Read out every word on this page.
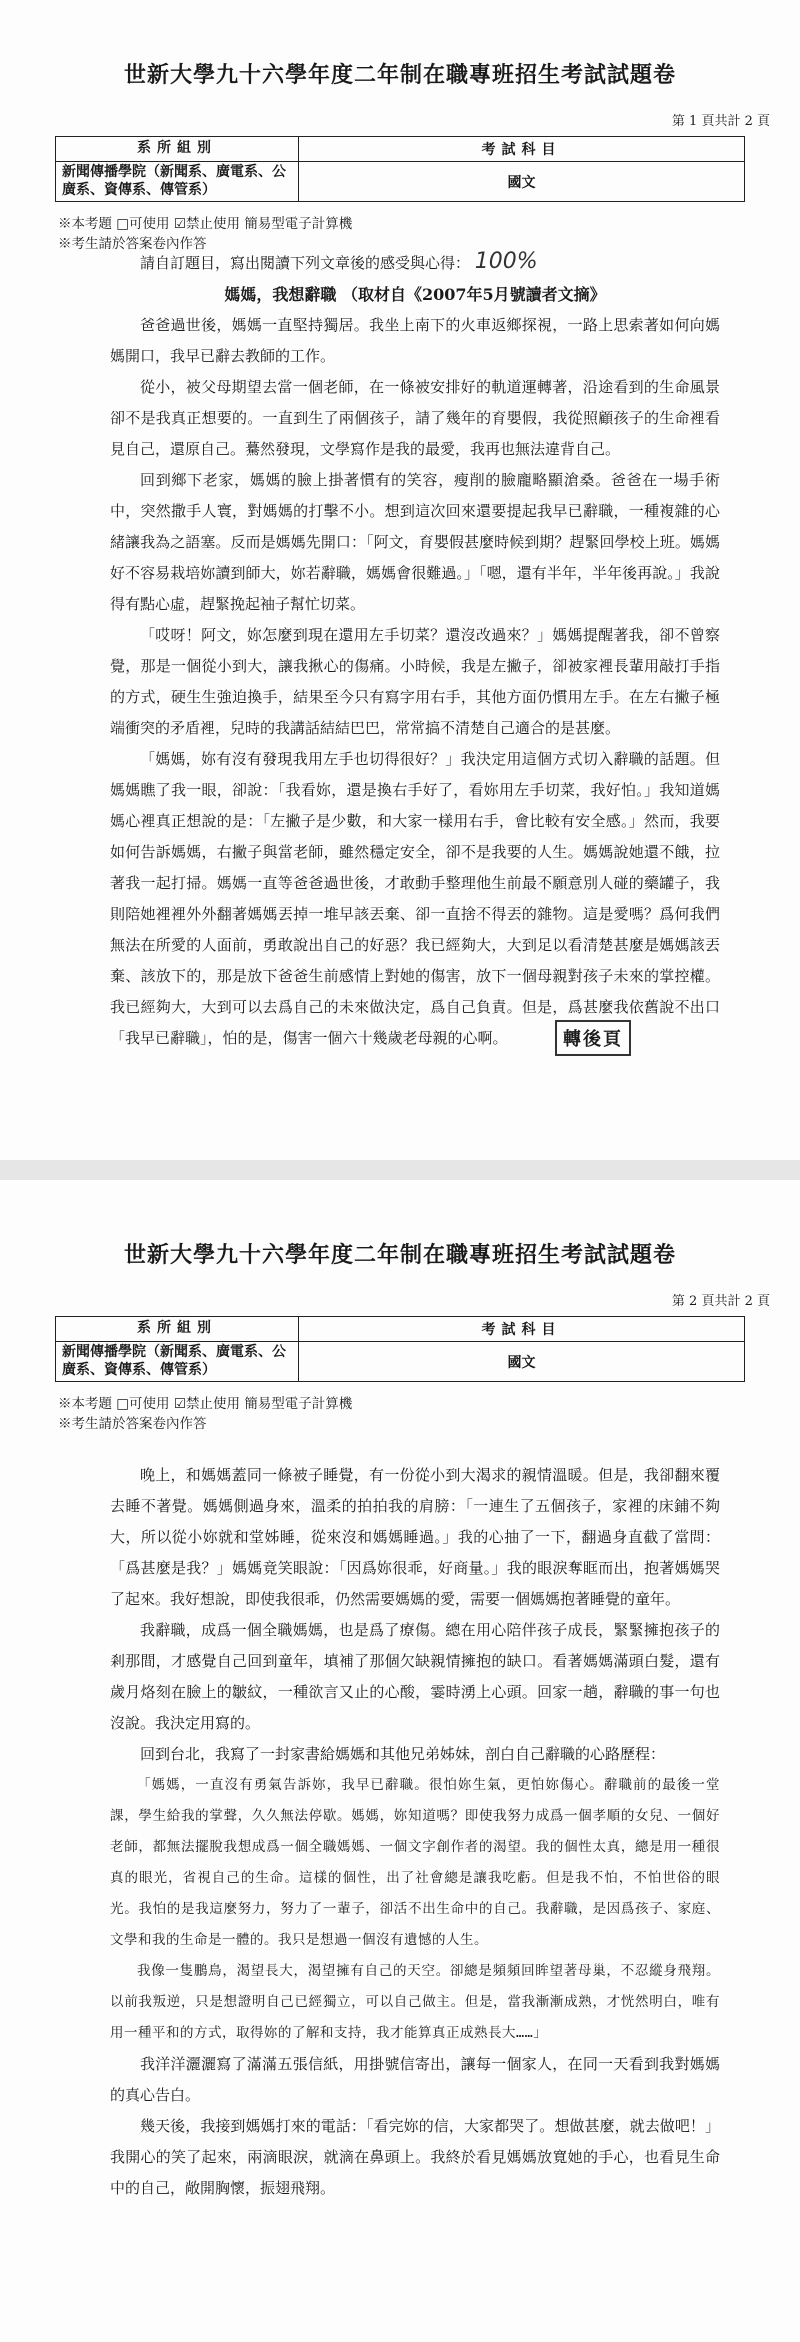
世新大學九十六學年度二年制在職專班招生考試試題卷
第 1 頁共計 2 頁
系所組別	考試科目
新聞傳播學院（新聞系、廣電系、公廣系、資傳系、傳管系）	國文
※本考題 □可使用 ☑禁止使用 簡易型電子計算機
※考生請於答案卷內作答

請自訂題目，寫出閱讀下列文章後的感受與心得： 100%

媽媽，我想辭職 （取材自《2007年5月號讀者文摘》

爸爸過世後，媽媽一直堅持獨居。我坐上南下的火車返鄉探視，一路上思索著如何向媽媽開口，我早已辭去教師的工作。

從小，被父母期望去當一個老師，在一條被安排好的軌道運轉著，沿途看到的生命風景卻不是我真正想要的。一直到生了兩個孩子，請了幾年的育嬰假，我從照顧孩子的生命裡看見自己，還原自己。驀然發現，文學寫作是我的最愛，我再也無法違背自己。

回到鄉下老家，媽媽的臉上掛著慣有的笑容，瘦削的臉龐略顯滄桑。爸爸在一場手術中，突然撒手人寰，對媽媽的打擊不小。想到這次回來還要提起我早已辭職，一種複雜的心緒讓我為之語塞。反而是媽媽先開口：「阿文，育嬰假甚麼時候到期？趕緊回學校上班。媽媽好不容易栽培妳讀到師大，妳若辭職，媽媽會很難過。」「嗯，還有半年，半年後再說。」我說得有點心虛，趕緊挽起袖子幫忙切菜。

「哎呀！阿文，妳怎麼到現在還用左手切菜？還沒改過來？」媽媽提醒著我，卻不曾察覺，那是一個從小到大，讓我揪心的傷痛。小時候，我是左撇子，卻被家裡長輩用敲打手指的方式，硬生生強迫換手，結果至今只有寫字用右手，其他方面仍慣用左手。在左右撇子極端衝突的矛盾裡，兒時的我講話結結巴巴，常常搞不清楚自己適合的是甚麼。

「媽媽，妳有沒有發現我用左手也切得很好？」我決定用這個方式切入辭職的話題。但媽媽瞧了我一眼，卻說：「我看妳，還是換右手好了，看妳用左手切菜，我好怕。」我知道媽媽心裡真正想說的是：「左撇子是少數，和大家一樣用右手，會比較有安全感。」然而，我要如何告訴媽媽，右撇子與當老師，雖然穩定安全，卻不是我要的人生。媽媽說她還不餓，拉著我一起打掃。媽媽一直等爸爸過世後，才敢動手整理他生前最不願意別人碰的藥罐子，我則陪她裡裡外外翻著媽媽丟掉一堆早該丟棄、卻一直捨不得丟的雜物。這是愛嗎？爲何我們無法在所愛的人面前，勇敢說出自己的好惡？我已經夠大，大到足以看清楚甚麼是媽媽該丟棄、該放下的，那是放下爸爸生前感情上對她的傷害，放下一個母親對孩子未來的掌控權。我已經夠大，大到可以去爲自己的未來做決定，爲自己負責。但是，爲甚麼我依舊說不出口「我早已辭職」，怕的是，傷害一個六十幾歲老母親的心啊。	轉後頁
世新大學九十六學年度二年制在職專班招生考試試題卷
第 2 頁共計 2 頁
系所組別	考試科目
新聞傳播學院（新聞系、廣電系、公廣系、資傳系、傳管系）	國文
※本考題 □可使用 ☑禁止使用 簡易型電子計算機
※考生請於答案卷內作答

晚上，和媽媽蓋同一條被子睡覺，有一份從小到大渴求的親情溫暖。但是，我卻翻來覆去睡不著覺。媽媽側過身來，溫柔的拍拍我的肩膀：「一連生了五個孩子，家裡的床鋪不夠大，所以從小妳就和堂姊睡，從來沒和媽媽睡過。」我的心抽了一下，翻過身直截了當問：「爲甚麼是我？」媽媽竟笑眼說：「因爲妳很乖，好商量。」我的眼淚奪眶而出，抱著媽媽哭了起來。我好想說，即使我很乖，仍然需要媽媽的愛，需要一個媽媽抱著睡覺的童年。

我辭職，成爲一個全職媽媽，也是爲了療傷。總在用心陪伴孩子成長，緊緊擁抱孩子的剎那間，才感覺自己回到童年，填補了那個欠缺親情擁抱的缺口。看著媽媽滿頭白髮，還有歲月烙刻在臉上的皺紋，一種欲言又止的心酸，霎時湧上心頭。回家一趟，辭職的事一句也沒說。我決定用寫的。

回到台北，我寫了一封家書給媽媽和其他兄弟姊妹，剖白自己辭職的心路歷程：

「媽媽，一直沒有勇氣告訴妳，我早已辭職。很怕妳生氣，更怕妳傷心。辭職前的最後一堂課，學生給我的掌聲，久久無法停歇。媽媽，妳知道嗎？即使我努力成爲一個孝順的女兒、一個好老師，都無法擺脫我想成爲一個全職媽媽、一個文字創作者的渴望。我的個性太真，總是用一種很真的眼光，省視自己的生命。這樣的個性，出了社會總是讓我吃虧。但是我不怕，不怕世俗的眼光。我怕的是我這麼努力，努力了一輩子，卻活不出生命中的自己。我辭職，是因爲孩子、家庭、文學和我的生命是一體的。我只是想過一個沒有遺憾的人生。

我像一隻鵬鳥，渴望長大，渴望擁有自己的天空。卻總是頻頻回眸望著母巢，不忍縱身飛翔。以前我叛逆，只是想證明自己已經獨立，可以自己做主。但是，當我漸漸成熟，才恍然明白，唯有用一種平和的方式，取得妳的了解和支持，我才能算真正成熟長大……」

我洋洋灑灑寫了滿滿五張信紙，用掛號信寄出，讓每一個家人，在同一天看到我對媽媽的真心告白。

幾天後，我接到媽媽打來的電話：「看完妳的信，大家都哭了。想做甚麼，就去做吧！」我開心的笑了起來，兩滴眼淚，就滴在鼻頭上。我終於看見媽媽放寬她的手心，也看見生命中的自己，敞開胸懷，振翅飛翔。
